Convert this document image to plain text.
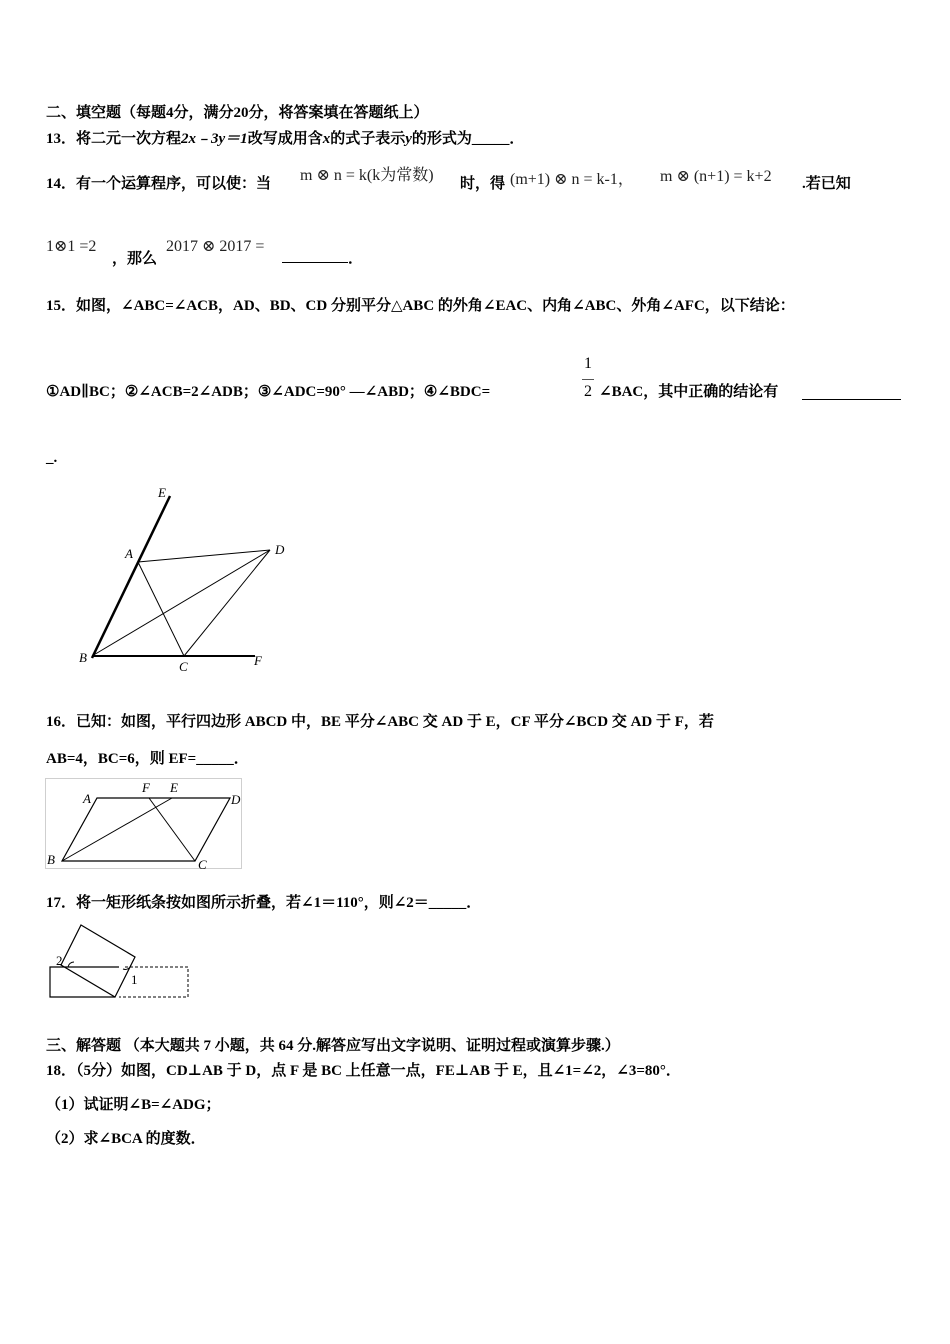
二、填空题（每题4分，满分20分，将答案填在答题纸上）
13．将二元一次方程2x﹣3y＝1改写成用含x的式子表示y的形式为_____．
14．有一个运算程序，可以使：当 m ⊗ n = k(k为常数) 时，得 (m+1) ⊗ n = k-1， m ⊗ (n+1) = k+2 .若已知
1⊗1 =2
，那么
2017 ⊗ 2017 =
．
15．如图，∠ABC=∠ACB，AD、BD、CD 分别平分△ABC 的外角∠EAC、内角∠ABC、外角∠AFC，以下结论：
①AD∥BC；②∠ACB=2∠ADB；③∠ADC=90° —∠ABD；④∠BDC=
1
2 ∠BAC，其中正确的结论有
_.
E
A	D
B
C	F
16．已知：如图，平行四边形 ABCD 中，BE 平分∠ABC 交 AD 于 E，CF 平分∠BCD 交 AD 于 F，若
AB=4，BC=6，则 EF=_____．
A
F E
D
B	C
17．将一矩形纸条按如图所示折叠，若∠1＝110°，则∠2＝_____．
2
1
三、解答题 （本大题共 7 小题，共 64 分.解答应写出文字说明、证明过程或演算步骤.）
18．（5分）如图，CD⊥AB 于 D，点 F 是 BC 上任意一点，FE⊥AB 于 E，且∠1=∠2，∠3=80°．
（1）试证明∠B=∠ADG；
（2）求∠BCA 的度数．
